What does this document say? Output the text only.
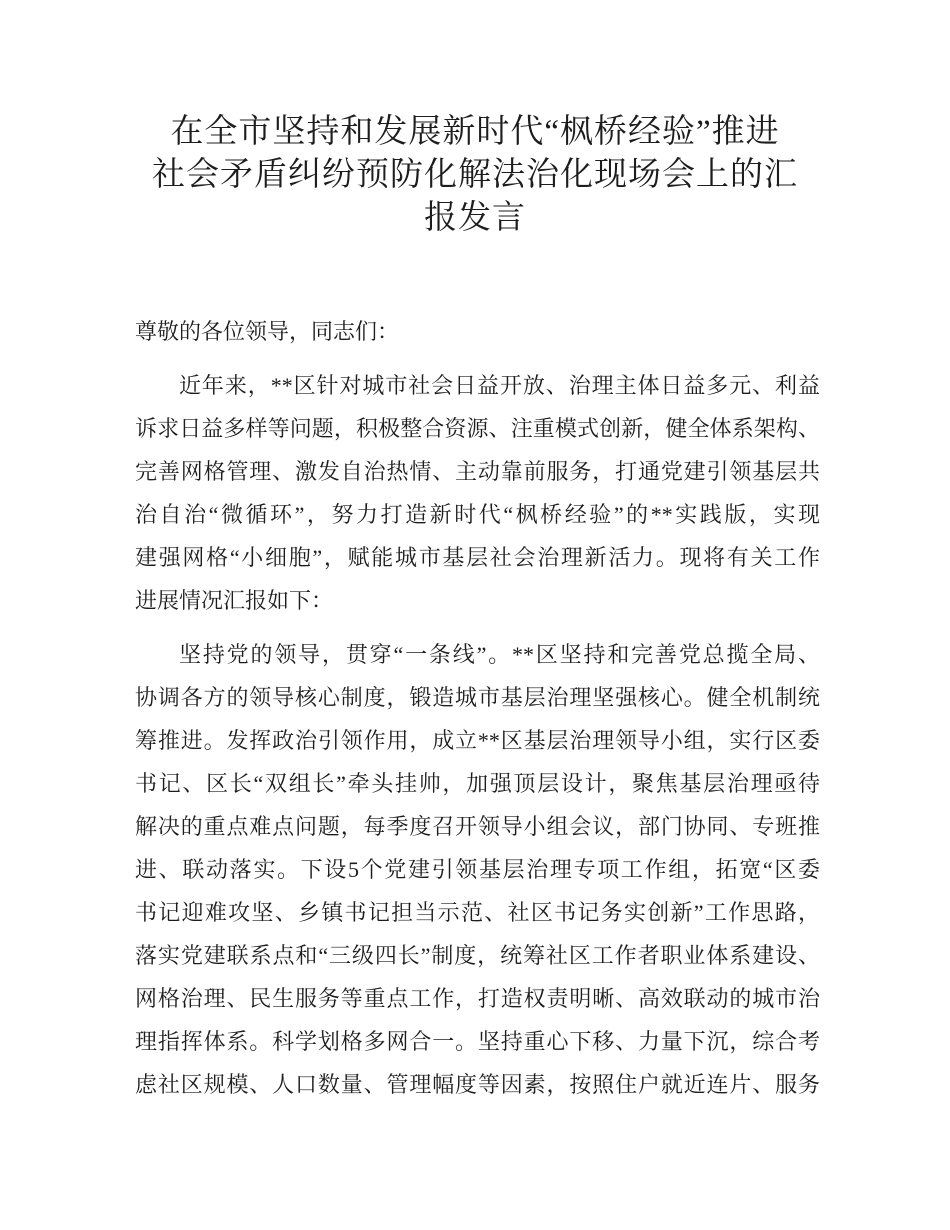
在全市坚持和发展新时代“枫桥经验”推进
社会矛盾纠纷预防化解法治化现场会上的汇
报发言
尊敬的各位领导，同志们：
近年来，**区针对城市社会日益开放、治理主体日益多元、利益
诉求日益多样等问题，积极整合资源、注重模式创新，健全体系架构、
完善网格管理、激发自治热情、主动靠前服务，打通党建引领基层共
治自治“微循环”，努力打造新时代“枫桥经验”的**实践版，实现
建强网格“小细胞”，赋能城市基层社会治理新活力。现将有关工作
进展情况汇报如下：
坚持党的领导，贯穿“一条线”。**区坚持和完善党总揽全局、
协调各方的领导核心制度，锻造城市基层治理坚强核心。健全机制统
筹推进。发挥政治引领作用，成立**区基层治理领导小组，实行区委
书记、区长“双组长”牵头挂帅，加强顶层设计，聚焦基层治理亟待
解决的重点难点问题，每季度召开领导小组会议，部门协同、专班推
进、联动落实。下设5个党建引领基层治理专项工作组，拓宽“区委
书记迎难攻坚、乡镇书记担当示范、社区书记务实创新”工作思路，
落实党建联系点和“三级四长”制度，统筹社区工作者职业体系建设、
网格治理、民生服务等重点工作，打造权责明晰、高效联动的城市治
理指挥体系。科学划格多网合一。坚持重心下移、力量下沉，综合考
虑社区规模、人口数量、管理幅度等因素，按照住户就近连片、服务
